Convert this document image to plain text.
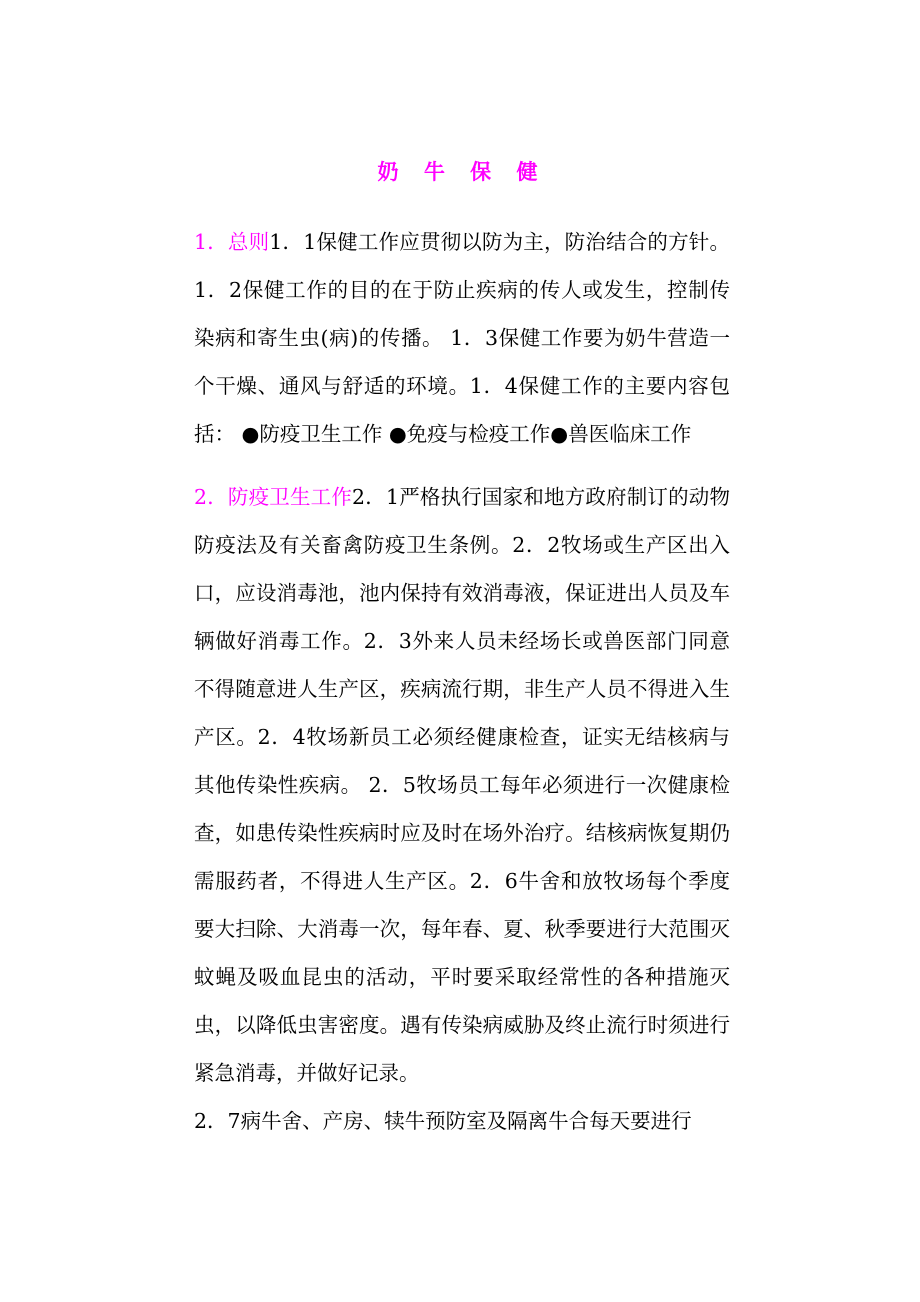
奶 牛 保 健

1．总则1．1保健工作应贯彻以防为主，防治结合的方针。 1．2保健工作的目的在于防止疾病的传人或发生，控制传染病和寄生虫(病)的传播。 1．3保健工作要为奶牛营造一个干燥、通风与舒适的环境。1．4保健工作的主要内容包括： ●防疫卫生工作 ●免疫与检疫工作●兽医临床工作

2．防疫卫生工作2．1严格执行国家和地方政府制订的动物防疫法及有关畜禽防疫卫生条例。2．2牧场或生产区出入口，应设消毒池，池内保持有效消毒液，保证进出人员及车辆做好消毒工作。2．3外来人员未经场长或兽医部门同意不得随意进人生产区，疾病流行期，非生产人员不得进入生产区。2．4牧场新员工必须经健康检查，证实无结核病与其他传染性疾病。 2．5牧场员工每年必须进行一次健康检查，如患传染性疾病时应及时在场外治疗。结核病恢复期仍需服药者，不得进人生产区。2．6牛舍和放牧场每个季度要大扫除、大消毒一次，每年春、夏、秋季要进行大范围灭蚊蝇及吸血昆虫的活动，平时要采取经常性的各种措施灭虫，以降低虫害密度。遇有传染病威胁及终止流行时须进行紧急消毒，并做好记录。

2．7病牛舍、产房、犊牛预防室及隔离牛合每天要进行
